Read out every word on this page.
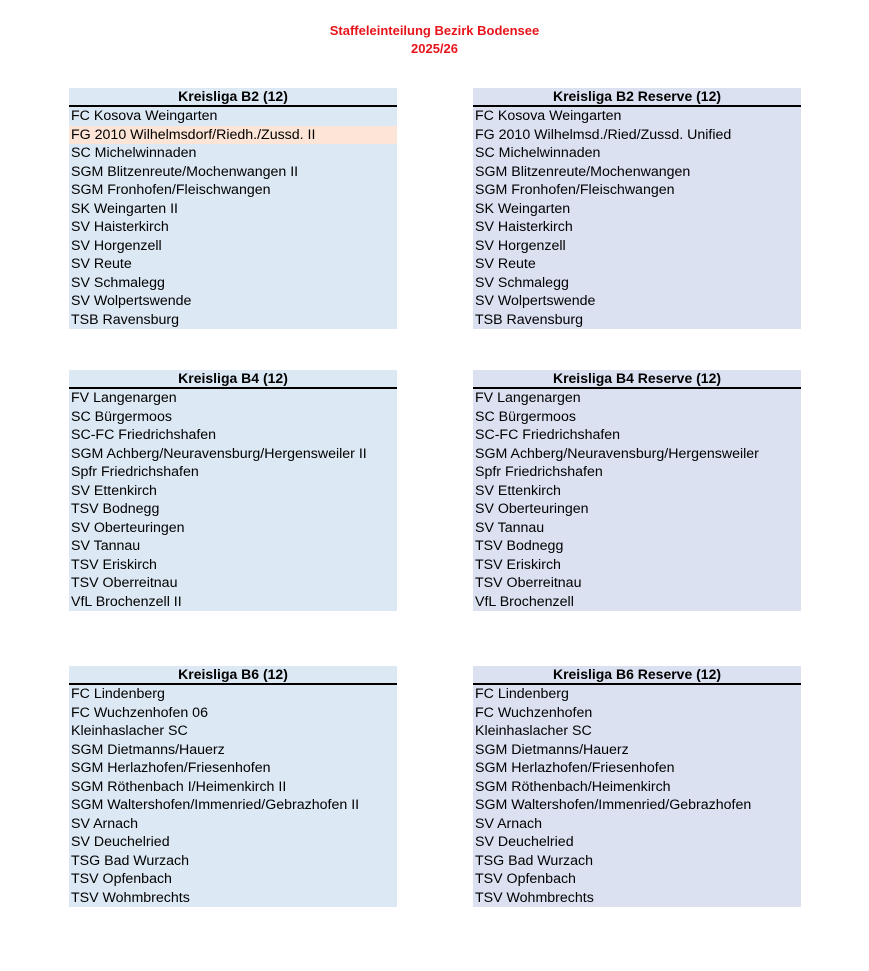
Staffeleinteilung Bezirk Bodensee
2025/26
Kreisliga B2 (12)
FC Kosova Weingarten
FG 2010 Wilhelmsdorf/Riedh./Zussd. II
SC Michelwinnaden
SGM Blitzenreute/Mochenwangen II
SGM Fronhofen/Fleischwangen
SK Weingarten II
SV Haisterkirch
SV Horgenzell
SV Reute
SV Schmalegg
SV Wolpertswende
TSB Ravensburg
Kreisliga B2 Reserve (12)
FC Kosova Weingarten
FG 2010 Wilhelmsd./Ried/Zussd. Unified
SC Michelwinnaden
SGM Blitzenreute/Mochenwangen
SGM Fronhofen/Fleischwangen
SK Weingarten
SV Haisterkirch
SV Horgenzell
SV Reute
SV Schmalegg
SV Wolpertswende
TSB Ravensburg
Kreisliga B4 (12)
FV Langenargen
SC Bürgermoos
SC-FC Friedrichshafen
SGM Achberg/Neuravensburg/Hergensweiler II
Spfr Friedrichshafen
SV Ettenkirch
TSV Bodnegg
SV Oberteuringen
SV Tannau
TSV Eriskirch
TSV Oberreitnau
VfL Brochenzell II
Kreisliga B4 Reserve (12)
FV Langenargen
SC Bürgermoos
SC-FC Friedrichshafen
SGM Achberg/Neuravensburg/Hergensweiler
Spfr Friedrichshafen
SV Ettenkirch
SV Oberteuringen
SV Tannau
TSV Bodnegg
TSV Eriskirch
TSV Oberreitnau
VfL Brochenzell
Kreisliga B6 (12)
FC Lindenberg
FC Wuchzenhofen 06
Kleinhaslacher SC
SGM Dietmanns/Hauerz
SGM Herlazhofen/Friesenhofen
SGM Röthenbach I/Heimenkirch II
SGM Waltershofen/Immenried/Gebrazhofen II
SV Arnach
SV Deuchelried
TSG Bad Wurzach
TSV Opfenbach
TSV Wohmbrechts
Kreisliga B6 Reserve (12)
FC Lindenberg
FC Wuchzenhofen
Kleinhaslacher SC
SGM Dietmanns/Hauerz
SGM Herlazhofen/Friesenhofen
SGM Röthenbach/Heimenkirch
SGM Waltershofen/Immenried/Gebrazhofen
SV Arnach
SV Deuchelried
TSG Bad Wurzach
TSV Opfenbach
TSV Wohmbrechts
